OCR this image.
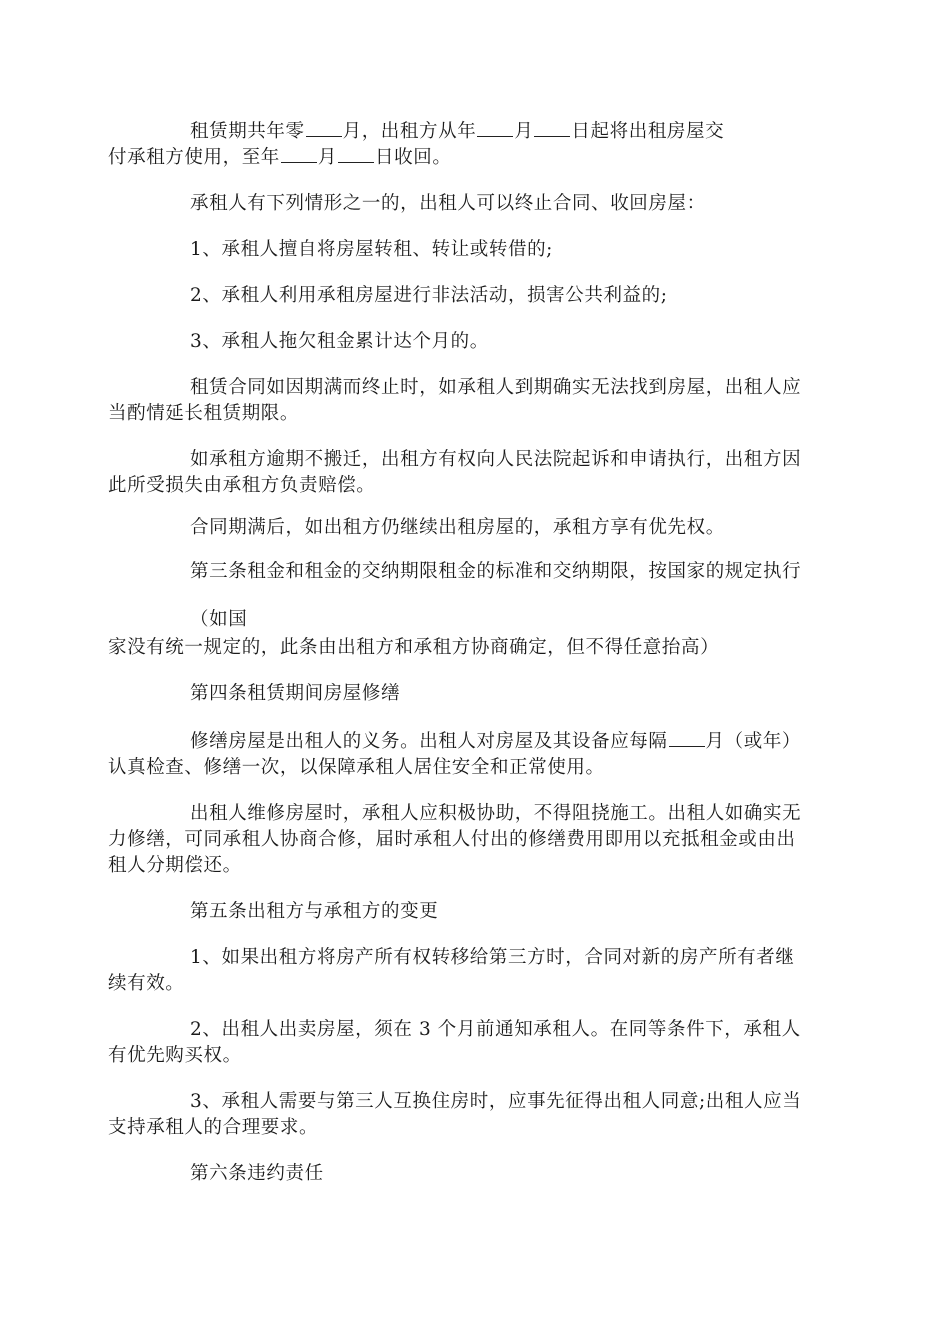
租赁期共年零 月，出租方从年 月 日起将出租房屋交
付承租方使用，至年 月 日收回。
承租人有下列情形之一的，出租人可以终止合同、收回房屋：
1、承租人擅自将房屋转租、转让或转借的;
2、承租人利用承租房屋进行非法活动，损害公共利益的;
3、承租人拖欠租金累计达个月的。
租赁合同如因期满而终止时，如承租人到期确实无法找到房屋，出租人应
当酌情延长租赁期限。
如承租方逾期不搬迁，出租方有权向人民法院起诉和申请执行，出租方因
此所受损失由承租方负责赔偿。
合同期满后，如出租方仍继续出租房屋的，承租方享有优先权。
第三条租金和租金的交纳期限租金的标准和交纳期限，按国家的规定执行
（如国
家没有统一规定的，此条由出租方和承租方协商确定，但不得任意抬高）
第四条租赁期间房屋修缮
修缮房屋是出租人的义务。出租人对房屋及其设备应每隔 月（或年）
认真检查、修缮一次，以保障承租人居住安全和正常使用。
出租人维修房屋时，承租人应积极协助，不得阻挠施工。出租人如确实无
力修缮，可同承租人协商合修，届时承租人付出的修缮费用即用以充抵租金或由出
租人分期偿还。
第五条出租方与承租方的变更
1、如果出租方将房产所有权转移给第三方时，合同对新的房产所有者继
续有效。
2、出租人出卖房屋，须在 3 个月前通知承租人。在同等条件下，承租人
有优先购买权。
3、承租人需要与第三人互换住房时，应事先征得出租人同意;出租人应当
支持承租人的合理要求。
第六条违约责任
